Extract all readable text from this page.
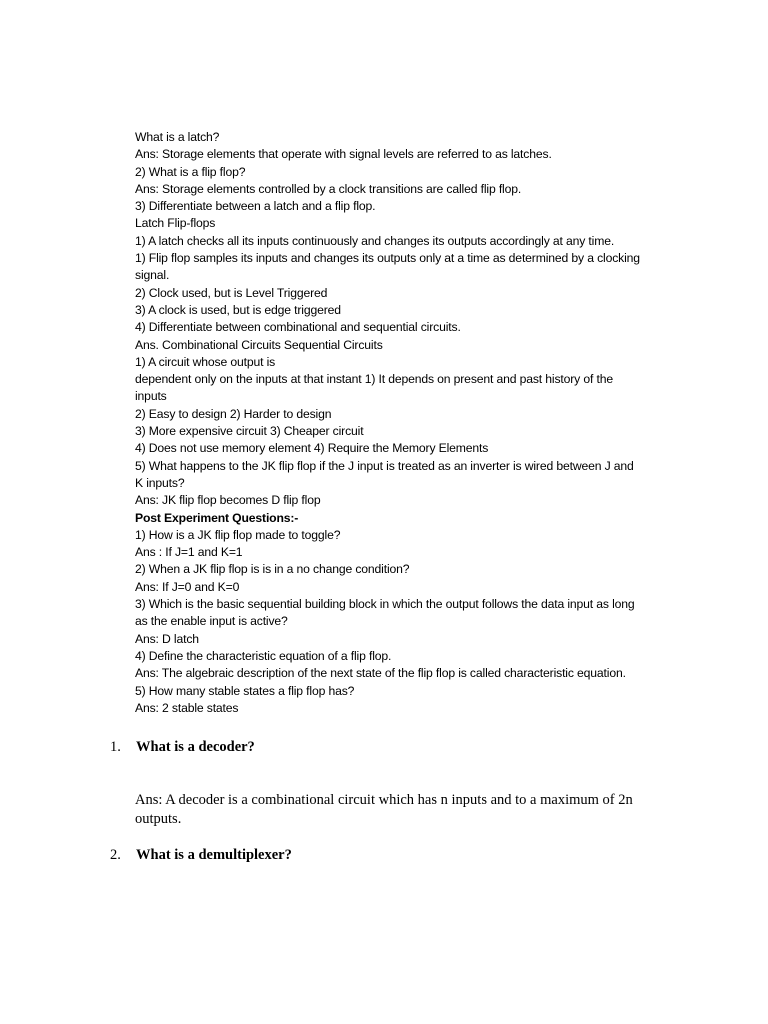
What is a latch?
Ans: Storage elements that operate with signal levels are referred to as latches.
2) What is a flip flop?
Ans: Storage elements controlled by a clock transitions are called flip flop.
3) Differentiate between a latch and a flip flop.
Latch Flip-flops
1) A latch checks all its inputs continuously and changes its outputs accordingly at any time.
1) Flip flop samples its inputs and changes its outputs only at a time as determined by a clocking
signal.
2) Clock used, but is Level Triggered
3) A clock is used, but is edge triggered
4) Differentiate between combinational and sequential circuits.
Ans. Combinational Circuits Sequential Circuits
1) A circuit whose output is
dependent only on the inputs at that instant 1) It depends on present and past history of the
inputs
2) Easy to design 2) Harder to design
3) More expensive circuit 3) Cheaper circuit
4) Does not use memory element 4) Require the Memory Elements
5) What happens to the JK flip flop if the J input is treated as an inverter is wired between J and
K inputs?
Ans: JK flip flop becomes D flip flop
Post Experiment Questions:-
1) How is a JK flip flop made to toggle?
Ans : If J=1 and K=1
2) When a JK flip flop is is in a no change condition?
Ans: If J=0 and K=0
3) Which is the basic sequential building block in which the output follows the data input as long
as the enable input is active?
Ans: D latch
4) Define the characteristic equation of a flip flop.
Ans: The algebraic description of the next state of the flip flop is called characteristic equation.
5) How many stable states a flip flop has?
Ans: 2 stable states
1.	What is a decoder?
Ans: A decoder is a combinational circuit which has n inputs and to a maximum of 2n
outputs.
2.	What is a demultiplexer?
